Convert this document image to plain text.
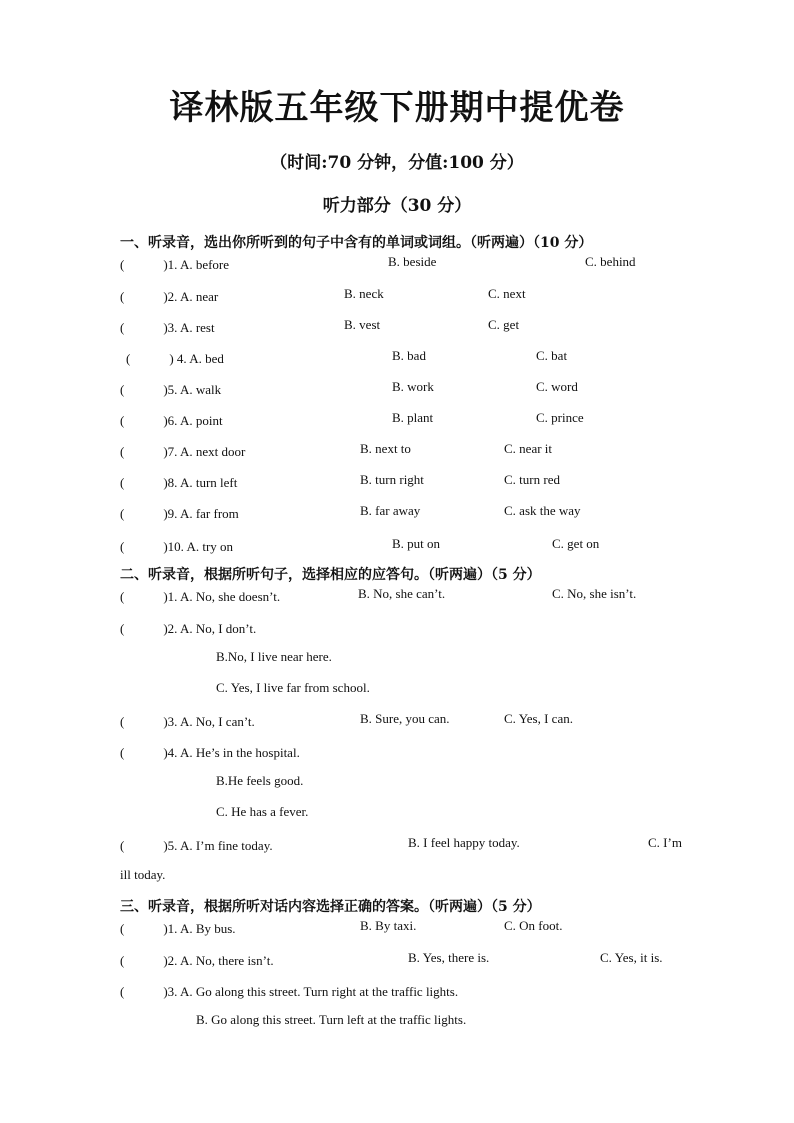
译林版五年级下册期中提优卷
（时间:70 分钟，分值:100 分）
听力部分（30 分）
一、听录音，选出你所听到的句子中含有的单词或词组。（听两遍）（10 分）
(　　　)1. A. before	B. beside	C. behind
(　　　)2. A. near	B. neck	C. next
(　　　)3. A. rest	B. vest	C. get
(　　　) 4. A. bed	B. bad	C. bat
(　　　)5. A. walk	B. work	C. word
(　　　)6. A. point	B. plant	C. prince
(　　　)7. A. next door	B. next to	C. near it
(　　　)8. A. turn left	B. turn right	C. turn red
(　　　)9. A. far from	B. far away	C. ask the way
(　　　)10. A. try on	B. put on	C. get on
二、听录音，根据所听句子，选择相应的应答句。（听两遍）（5 分）
(　　　)1. A. No, she doesn’t.	B. No, she can’t.	C. No, she isn’t.
(　　　)2. A. No, I don’t.
B.No, I live near here.
C. Yes, I live far from school.
(　　　)3. A. No, I can’t.	B. Sure, you can.	C. Yes, I can.
(　　　)4. A. He’s in the hospital.
B.He feels good.
C. He has a fever.
(　　　)5. A. I’m fine today.	B. I feel happy today.	C. I’m
ill today.
三、听录音，根据所听对话内容选择正确的答案。（听两遍）（5 分）
(　　　)1. A. By bus.	B. By taxi.	C. On foot.
(　　　)2. A. No, there isn’t.	B. Yes, there is.	C. Yes, it is.
(　　　)3. A. Go along this street. Turn right at the traffic lights.
B. Go along this street. Turn left at the traffic lights.
